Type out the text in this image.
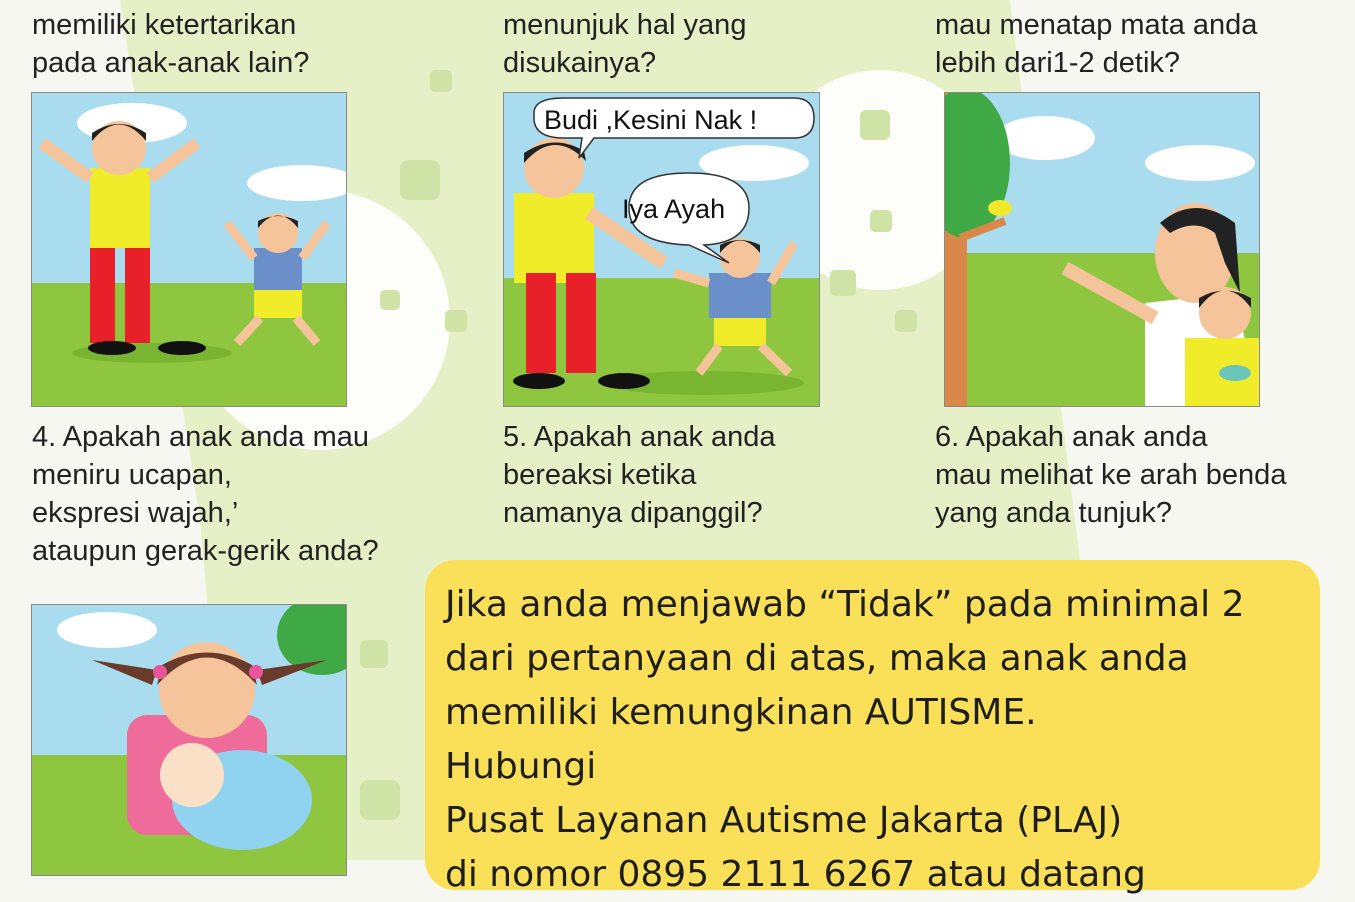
memiliki ketertarikan
pada anak-anak lain?
menunjuk hal yang
disukainya?
mau menatap mata anda
lebih dari1-2 detik?
Budi ,Kesini Nak !
Iya Ayah
4. Apakah anak anda mau
meniru ucapan,
ekspresi wajah,’
ataupun gerak-gerik anda?
5. Apakah anak anda
bereaksi ketika
namanya dipanggil?
6. Apakah anak anda
mau melihat ke arah benda
yang anda tunjuk?
Jika anda menjawab “Tidak” pada minimal 2
dari pertanyaan di atas, maka anak anda
memiliki kemungkinan AUTISME.
Hubungi
Pusat Layanan Autisme Jakarta (PLAJ)
di nomor 0895 2111 6267 atau datang
